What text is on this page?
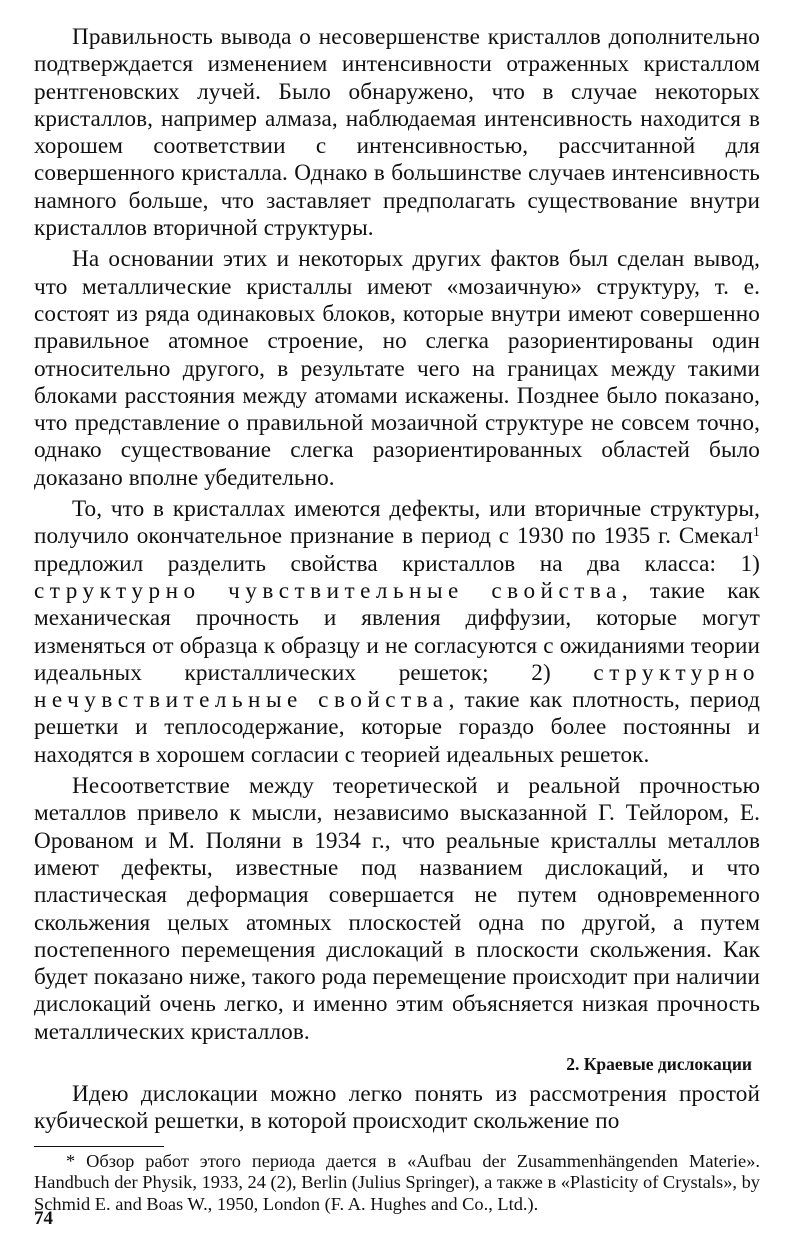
Правильность вывода о несовершенстве кристаллов дополнительно подтверждается изменением интенсивности отраженных кристаллом рентгеновских лучей. Было обнаружено, что в случае некоторых кристаллов, например алмаза, наблюдаемая интенсивность находится в хорошем соответствии с интенсивностью, рассчитанной для совершенного кристалла. Однако в большинстве случаев интенсивность намного больше, что заставляет предполагать существование внутри кристаллов вторичной структуры.

На основании этих и некоторых других фактов был сделан вывод, что металлические кристаллы имеют «мозаичную» структуру, т. е. состоят из ряда одинаковых блоков, которые внутри имеют совершенно правильное атомное строение, но слегка разориентированы один относительно другого, в результате чего на границах между такими блоками расстояния между атомами искажены. Позднее было показано, что представление о правильной мозаичной структуре не совсем точно, однако существование слегка разориентированных областей было доказано вполне убедительно.

То, что в кристаллах имеются дефекты, или вторичные структуры, получило окончательное признание в период с 1930 по 1935 г. Смекал$^1$ предложил разделить свойства кристаллов на два класса: 1) структурно чувствительные свойства, такие как механическая прочность и явления диффузии, которые могут изменяться от образца к образцу и не согласуются с ожиданиями теории идеальных кристаллических решеток; 2) структурно нечувствительные свойства, такие как плотность, период решетки и теплосодержание, которые гораздо более постоянны и находятся в хорошем согласии с теорией идеальных решеток.

Несоответствие между теоретической и реальной прочностью металлов привело к мысли, независимо высказанной Г. Тейлором, Е. Орованом и М. Поляни в 1934 г., что реальные кристаллы металлов имеют дефекты, известные под названием дислокаций, и что пластическая деформация совершается не путем одновременного скольжения целых атомных плоскостей одна по другой, а путем постепенного перемещения дислокаций в плоскости скольжения. Как будет показано ниже, такого рода перемещение происходит при наличии дислокаций очень легко, и именно этим объясняется низкая прочность металлических кристаллов.

2. Краевые дислокации

Идею дислокации можно легко понять из рассмотрения простой кубической решетки, в которой происходит скольжение по

* Обзор работ этого периода дается в «Aufbau der Zusammenhängenden Materie». Handbuch der Physik, 1933, 24 (2), Berlin (Julius Springer), а также в «Plasticity of Crystals», by Schmid E. and Boas W., 1950, London (F. A. Hughes and Co., Ltd.).

74
